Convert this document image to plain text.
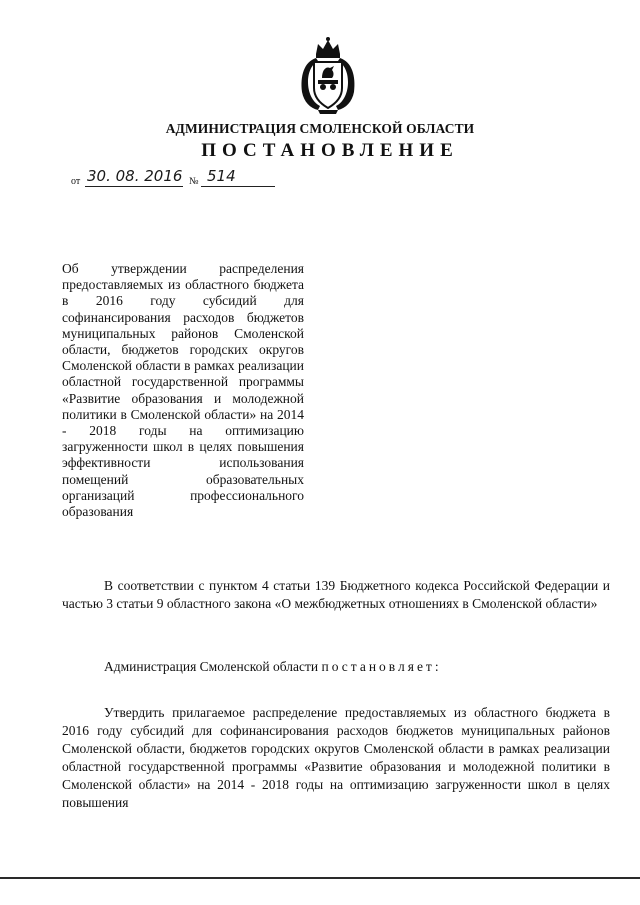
АДМИНИСТРАЦИЯ СМОЛЕНСКОЙ ОБЛАСТИ
ПОСТАНОВЛЕНИЕ
от 30. 08. 2016 № 514
Об утверждении распределения предоставляемых из областного бюджета в 2016 году субсидий для софинансирования расходов бюджетов муниципальных районов Смоленской области, бюджетов городских округов Смоленской области в рамках реализации областной государственной программы «Развитие образования и молодежной политики в Смоленской области» на 2014 - 2018 годы на оптимизацию загруженности школ в целях повышения эффективности использования помещений образовательных организаций профессионального образования
В соответствии с пунктом 4 статьи 139 Бюджетного кодекса Российской Федерации и частью 3 статьи 9 областного закона «О межбюджетных отношениях в Смоленской области»
Администрация Смоленской области постановляет:
Утвердить прилагаемое распределение предоставляемых из областного бюджета в 2016 году субсидий для софинансирования расходов бюджетов муниципальных районов Смоленской области, бюджетов городских округов Смоленской области в рамках реализации областной государственной программы «Развитие образования и молодежной политики в Смоленской области» на 2014 - 2018 годы на оптимизацию загруженности школ в целях повышения
